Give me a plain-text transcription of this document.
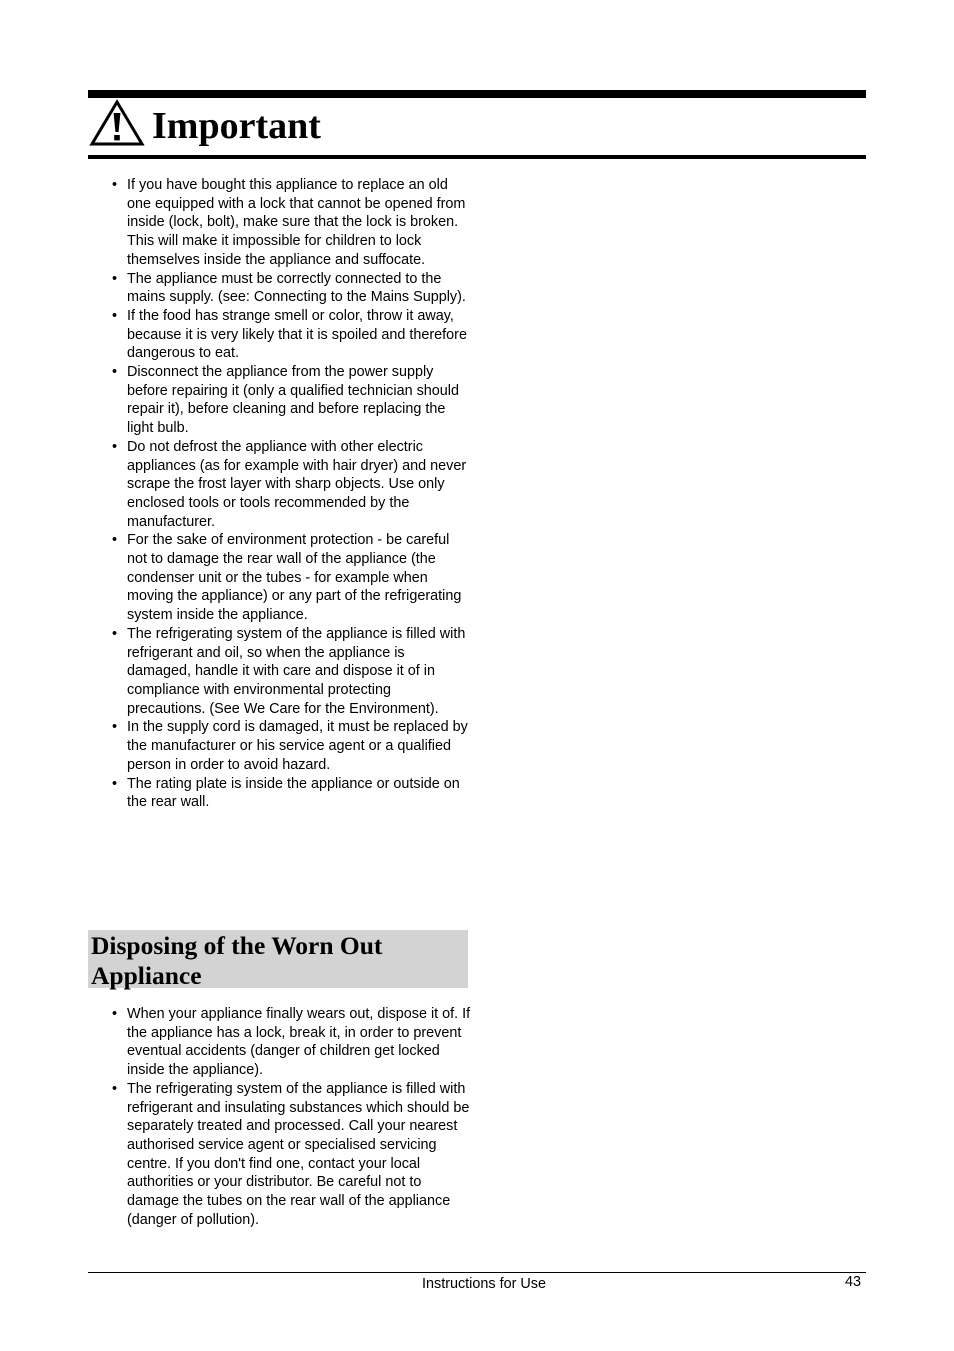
Important
• If you have bought this appliance to replace an old one equipped with a lock that cannot be opened from inside (lock, bolt), make sure that the lock is broken. This will make it impossible for children to lock themselves inside the appliance and suffocate.
• The appliance must be correctly connected to the mains supply. (see: Connecting to the Mains Supply).
• If the food has strange smell or color, throw it away, because it is very likely that it is spoiled and therefore dangerous to eat.
• Disconnect the appliance from the power supply before repairing it (only a qualified technician should repair it), before cleaning and before replacing the light bulb.
• Do not defrost the appliance with other electric appliances (as for example with hair dryer) and never scrape the frost layer with sharp objects. Use only enclosed tools or tools recommended by the manufacturer.
• For the sake of environment protection - be careful not to damage the rear wall of the appliance (the condenser unit or the tubes - for example when moving the appliance) or any part of the refrigerating system inside the appliance.
• The refrigerating system of the appliance is filled with refrigerant and oil, so when the appliance is damaged, handle it with care and dispose it of in compliance with environmental protecting precautions. (See We Care for the Environment).
• In the supply cord is damaged, it must be replaced by the manufacturer or his service agent or a qualified person in order to avoid hazard.
• The rating plate is inside the appliance or outside on the rear wall.
Disposing of the Worn Out Appliance
• When your appliance finally wears out, dispose it of. If the appliance has a lock, break it, in order to prevent eventual accidents (danger of children get locked inside the appliance).
• The refrigerating system of the appliance is filled with refrigerant and insulating substances which should be separately treated and processed. Call your nearest authorised service agent or specialised servicing centre. If you don't find one, contact your local authorities or your distributor. Be careful not to damage the tubes on the rear wall of the appliance (danger of pollution).
Instructions for Use	43
